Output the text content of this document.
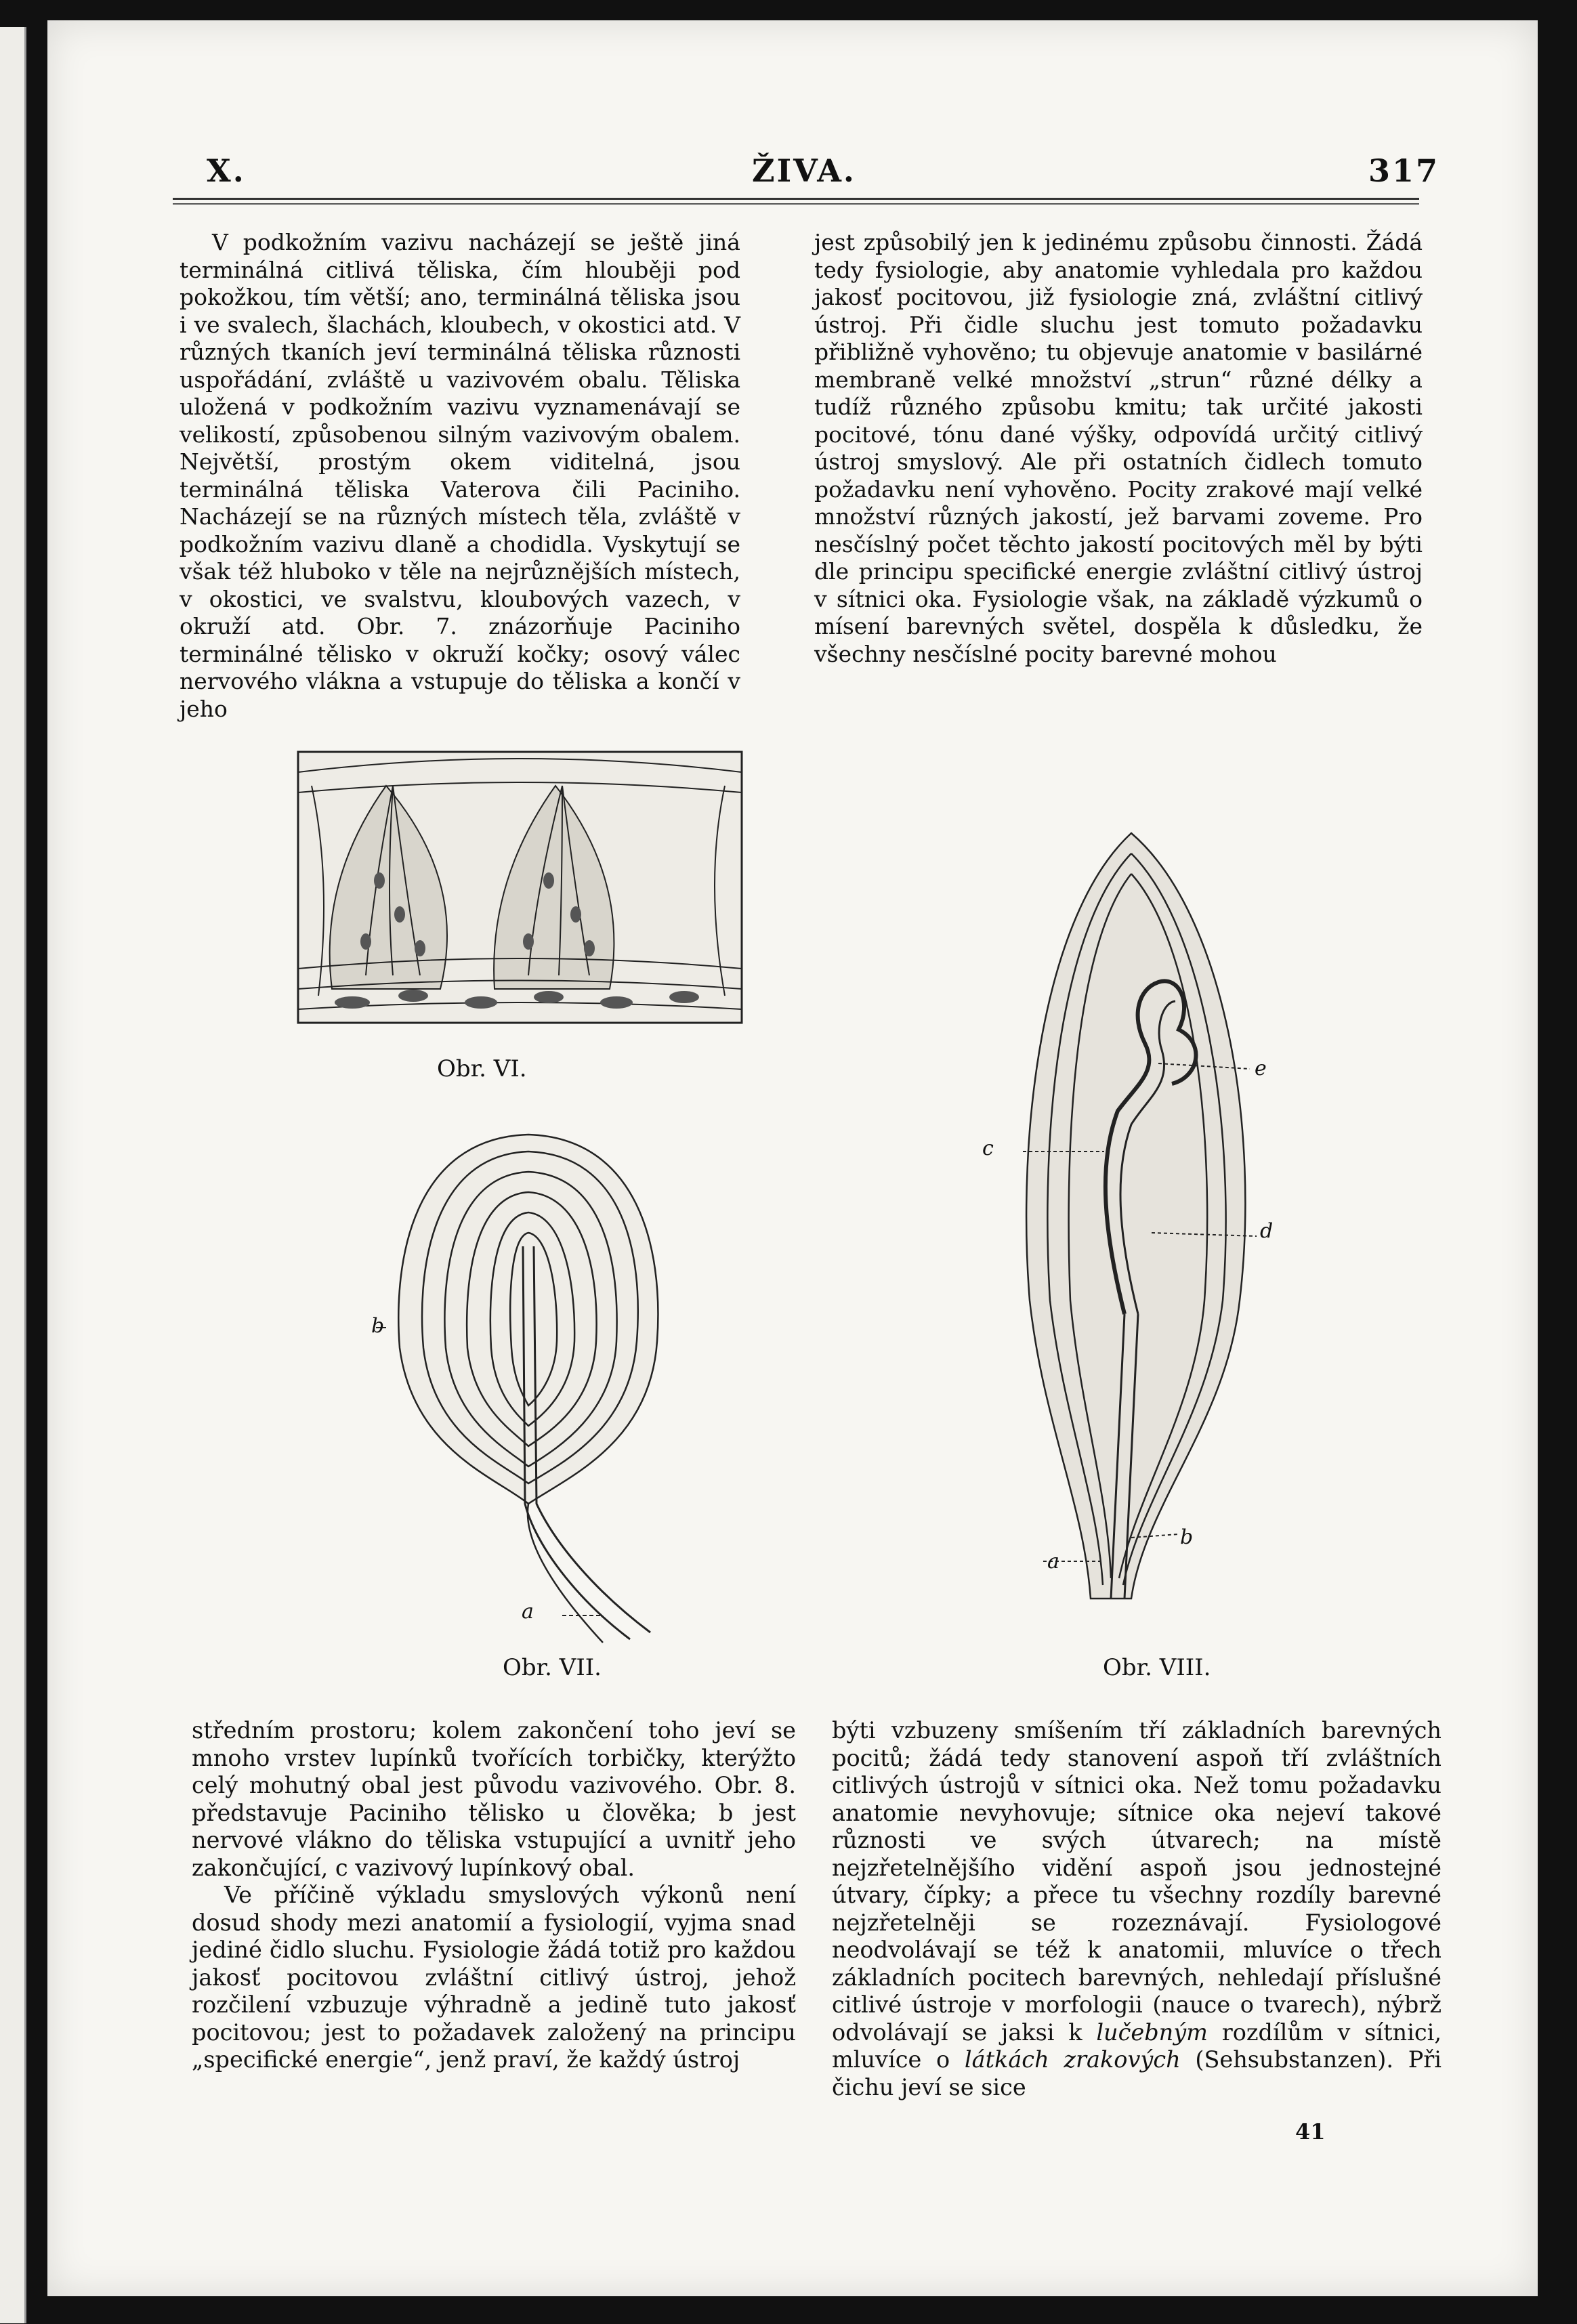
X.	ŽIVA.	317

V podkožním vazivu nacházejí se ještě jiná terminálná citlivá těliska, čím hlouběji pod pokožkou, tím větší; ano, terminálná těliska jsou i ve svalech, šlachách, kloubech, v okostici atd. V různých tkaních jeví terminálná těliska různosti uspořádání, zvláště u vazivovém obalu. Těliska uložená v podkožním vazivu vyznamenávají se velikostí, způsobenou silným vazivovým obalem. Největší, prostým okem viditelná, jsou terminálná těliska Vaterova čili Paciniho. Nacházejí se na různých místech těla, zvláště v podkožním vazivu dlaně a chodidla. Vyskytují se však též hluboko v těle na nejrůznějších místech, v okostici, ve svalstvu, kloubových vazech, v okruží atd. Obr. 7. znázorňuje Paciniho terminálné tělisko v okruží kočky; osový válec nervového vlákna a vstupuje do těliska a končí v jeho

jest způsobilý jen k jedinému způsobu činnosti. Žádá tedy fysiologie, aby anatomie vyhledala pro každou jakosť pocitovou, již fysiologie zná, zvláštní citlivý ústroj. Při čidle sluchu jest tomuto požadavku přibližně vyhověno; tu objevuje anatomie v basilárné membraně velké množství „strun“ různé délky a tudíž různého způsobu kmitu; tak určité jakosti pocitové, tónu dané výšky, odpovídá určitý citlivý ústroj smyslový. Ale při ostatních čidlech tomuto požadavku není vyhověno. Pocity zrakové mají velké množství různých jakostí, jež barvami zoveme. Pro nesčíslný počet těchto jakostí pocitových měl by býti dle principu specifické energie zvláštní citlivý ústroj v sítnici oka. Fysiologie však, na základě výzkumů o mísení barevných světel, dospěla k důsledku, že všechny nesčíslné pocity barevné mohou

Obr. VI.
b
a
Obr. VII.
e
c
d
b
a
Obr. VIII.

středním prostoru; kolem zakončení toho jeví se mnoho vrstev lupínků tvořících torbičky, kterýžto celý mohutný obal jest původu vazivového. Obr. 8. představuje Paciniho tělisko u člověka; b jest nervové vlákno do těliska vstupující a uvnitř jeho zakončující, c vazivový lupínkový obal.

Ve příčině výkladu smyslových výkonů není dosud shody mezi anatomií a fysiologií, vyjma snad jediné čidlo sluchu. Fysiologie žádá totiž pro každou jakosť pocitovou zvláštní citlivý ústroj, jehož rozčilení vzbuzuje výhradně a jedině tuto jakosť pocitovou; jest to požadavek založený na principu „specifické energie“, jenž praví, že každý ústroj

býti vzbuzeny smíšením tří základních barevných pocitů; žádá tedy stanovení aspoň tří zvláštních citlivých ústrojů v sítnici oka. Než tomu požadavku anatomie nevyhovuje; sítnice oka nejeví takové různosti ve svých útvarech; na místě nejzřetelnějšího vidění aspoň jsou jednostejné útvary, čípky; a přece tu všechny rozdíly barevné nejzřetelněji se rozeznávají. Fysiologové neodvolávají se též k anatomii, mluvíce o třech základních pocitech barevných, nehledají příslušné citlivé ústroje v morfologii (nauce o tvarech), nýbrž odvolávají se jaksi k lučebným rozdílům v sítnici, mluvíce o látkách zrakových (Sehsubstanzen). Při čichu jeví se sice

41
